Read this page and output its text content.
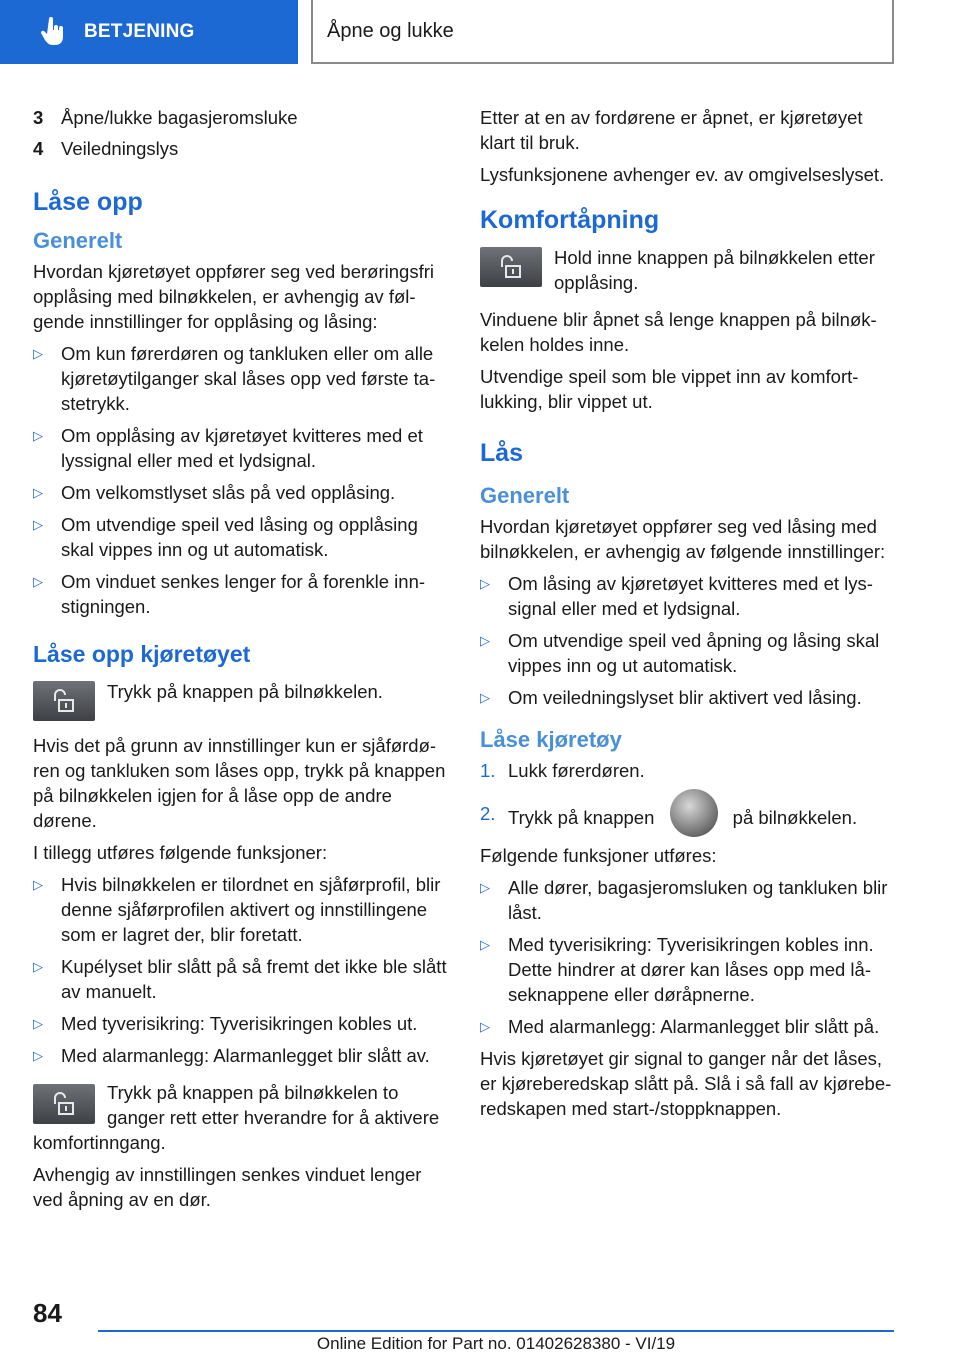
BETJENING	Åpne og lukke
3 Åpne/lukke bagasjeromsluke
4 Veiledningslys
Låse opp
Generelt

Hvordan kjøretøyet oppfører seg ved berøringsfri opplåsing med bilnøkkelen, er avhengig av følgende innstillinger for opplåsing og låsing:

▷ Om kun førerdøren og tankluken eller om alle kjøretøytilganger skal låses opp ved første tastetrykk.
▷ Om opplåsing av kjøretøyet kvitteres med et lyssignal eller med et lydsignal.
▷ Om velkomstlyset slås på ved opplåsing.
▷ Om utvendige speil ved låsing og opplåsing skal vippes inn og ut automatisk.
▷ Om vinduet senkes lenger for å forenkle innstigningen.
Låse opp kjøretøyet
Trykk på knappen på bilnøkkelen.

Hvis det på grunn av innstillinger kun er sjåførdøren og tankluken som låses opp, trykk på knappen på bilnøkkelen igjen for å låse opp de andre dørene.

I tillegg utføres følgende funksjoner:

▷ Hvis bilnøkkelen er tilordnet en sjåførprofil, blir denne sjåførprofilen aktivert og innstillingene som er lagret der, blir foretatt.
▷ Kupélyset blir slått på så fremt det ikke ble slått av manuelt.
▷ Med tyverisikring: Tyverisikringen kobles ut.
▷ Med alarmanlegg: Alarmanlegget blir slått av.
Trykk på knappen på bilnøkkelen to ganger rett etter hverandre for å aktivere komfortinngang.

Avhengig av innstillingen senkes vinduet lenger ved åpning av en dør.

Etter at en av fordørene er åpnet, er kjøretøyet klart til bruk.

Lysfunksjonene avhenger ev. av omgivelseslyset.

Komfortåpning
Hold inne knappen på bilnøkkelen etter opplåsing.

Vinduene blir åpnet så lenge knappen på bilnøkkelen holdes inne.

Utvendige speil som ble vippet inn av komfortlukking, blir vippet ut.

Lås
Generelt

Hvordan kjøretøyet oppfører seg ved låsing med bilnøkkelen, er avhengig av følgende innstillinger:

▷ Om låsing av kjøretøyet kvitteres med et lyssignal eller med et lydsignal.
▷ Om utvendige speil ved åpning og låsing skal vippes inn og ut automatisk.
▷ Om veiledningslyset blir aktivert ved låsing.
Låse kjøretøy
1. Lukk førerdøren.
2. Trykk på knappen	på bilnøkkelen.

Følgende funksjoner utføres:

▷ Alle dører, bagasjeromsluken og tankluken blir låst.
▷ Med tyverisikring: Tyverisikringen kobles inn. Dette hindrer at dører kan låses opp med låseknappene eller døråpnerne.
▷ Med alarmanlegg: Alarmanlegget blir slått på.

Hvis kjøretøyet gir signal to ganger når det låses, er kjøreberedskap slått på. Slå i så fall av kjøreberedskapen med start-/stoppknappen.

84
Online Edition for Part no. 01402628380 - VI/19
